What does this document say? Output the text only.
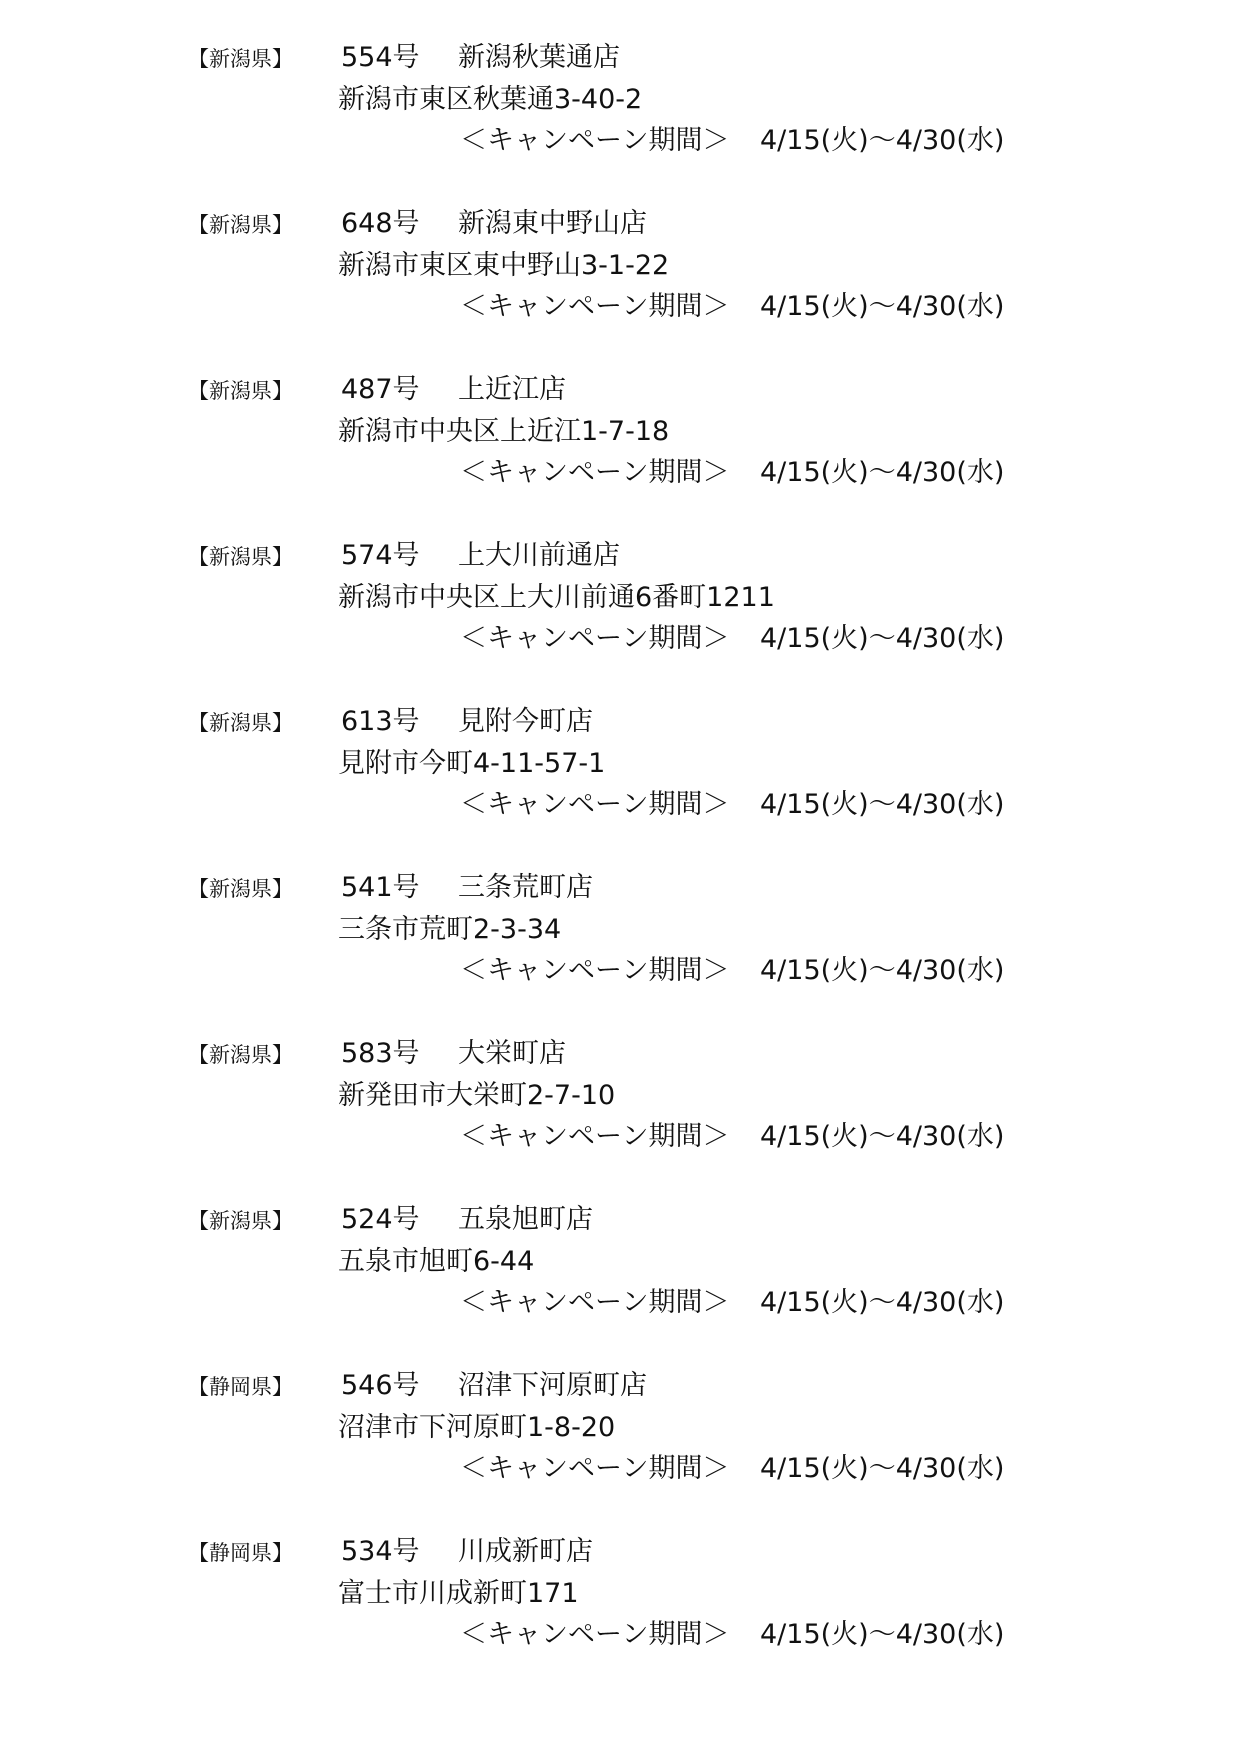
【新潟県】 554号 新潟秋葉通店
新潟市東区秋葉通3-40-2
＜キャンペーン期間＞ 4/15(火)～4/30(水)
【新潟県】 648号 新潟東中野山店
新潟市東区東中野山3-1-22
＜キャンペーン期間＞ 4/15(火)～4/30(水)
【新潟県】 487号 上近江店
新潟市中央区上近江1-7-18
＜キャンペーン期間＞ 4/15(火)～4/30(水)
【新潟県】 574号 上大川前通店
新潟市中央区上大川前通6番町1211
＜キャンペーン期間＞ 4/15(火)～4/30(水)
【新潟県】 613号 見附今町店
見附市今町4-11-57-1
＜キャンペーン期間＞ 4/15(火)～4/30(水)
【新潟県】 541号 三条荒町店
三条市荒町2-3-34
＜キャンペーン期間＞ 4/15(火)～4/30(水)
【新潟県】 583号 大栄町店
新発田市大栄町2-7-10
＜キャンペーン期間＞ 4/15(火)～4/30(水)
【新潟県】 524号 五泉旭町店
五泉市旭町6-44
＜キャンペーン期間＞ 4/15(火)～4/30(水)
【静岡県】 546号 沼津下河原町店
沼津市下河原町1-8-20
＜キャンペーン期間＞ 4/15(火)～4/30(水)
【静岡県】 534号 川成新町店
富士市川成新町171
＜キャンペーン期間＞ 4/15(火)～4/30(水)
